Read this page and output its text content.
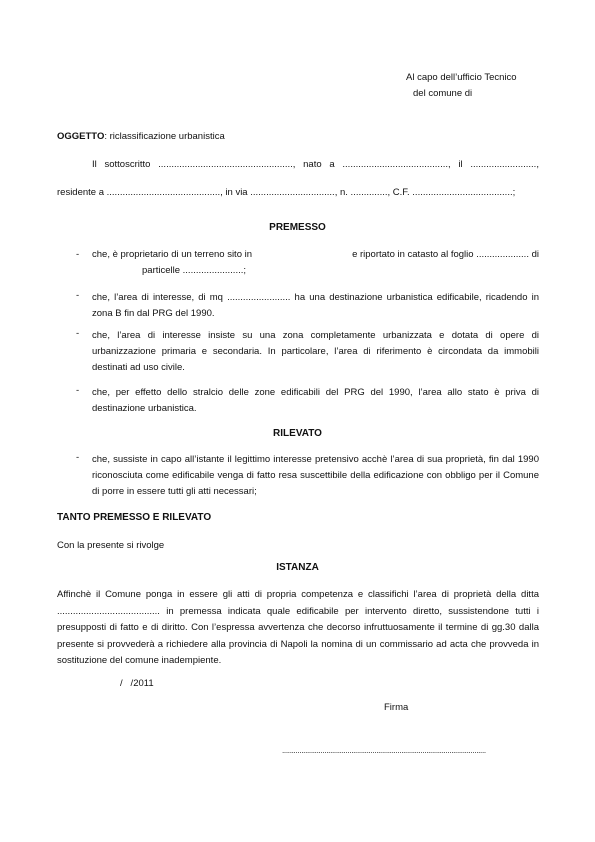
Al capo dell’ufficio Tecnico
del comune di
OGGETTO: riclassificazione urbanistica
Il sottoscritto ..................................................., nato a ........................................, il .........................,
residente a ..........................................., in via ................................, n. .............., C.F. ......................................;
PREMESSO
- che, è proprietario di un terreno sito in	e riportato in catasto al foglio .................... di
particelle .......................;
- che, l’area di interesse, di mq ........................ ha una destinazione urbanistica edificabile, ricadendo in zona B fin dal PRG del 1990.
- che, l’area di interesse insiste su una zona completamente urbanizzata e dotata di opere di urbanizzazione primaria e secondaria. In particolare, l’area di riferimento è circondata da immobili destinati ad uso civile.
- che, per effetto dello stralcio delle zone edificabili del PRG del 1990, l’area allo stato è priva di destinazione urbanistica.
RILEVATO
- che, sussiste in capo all’istante il legittimo interesse pretensivo acchè l’area di sua proprietà, fin dal 1990 riconosciuta come edificabile venga di fatto resa suscettibile della edificazione con obbligo per il Comune di porre in essere tutti gli atti necessari;
TANTO PREMESSO E RILEVATO
Con la presente si rivolge
ISTANZA
Affinchè il Comune ponga in essere gli atti di propria competenza e classifichi l’area di proprietà della ditta ....................................... in premessa indicata quale edificabile per intervento diretto, sussistendone tutti i presupposti di fatto e di diritto. Con l’espressa avvertenza che decorso infruttuosamente il termine di gg.30 dalla presente si provvederà a richiedere alla provincia di Napoli la nomina di un commissario ad acta che provveda in sostituzione del comune inadempiente.
/   /2011
Firma
..........................................................................................................
